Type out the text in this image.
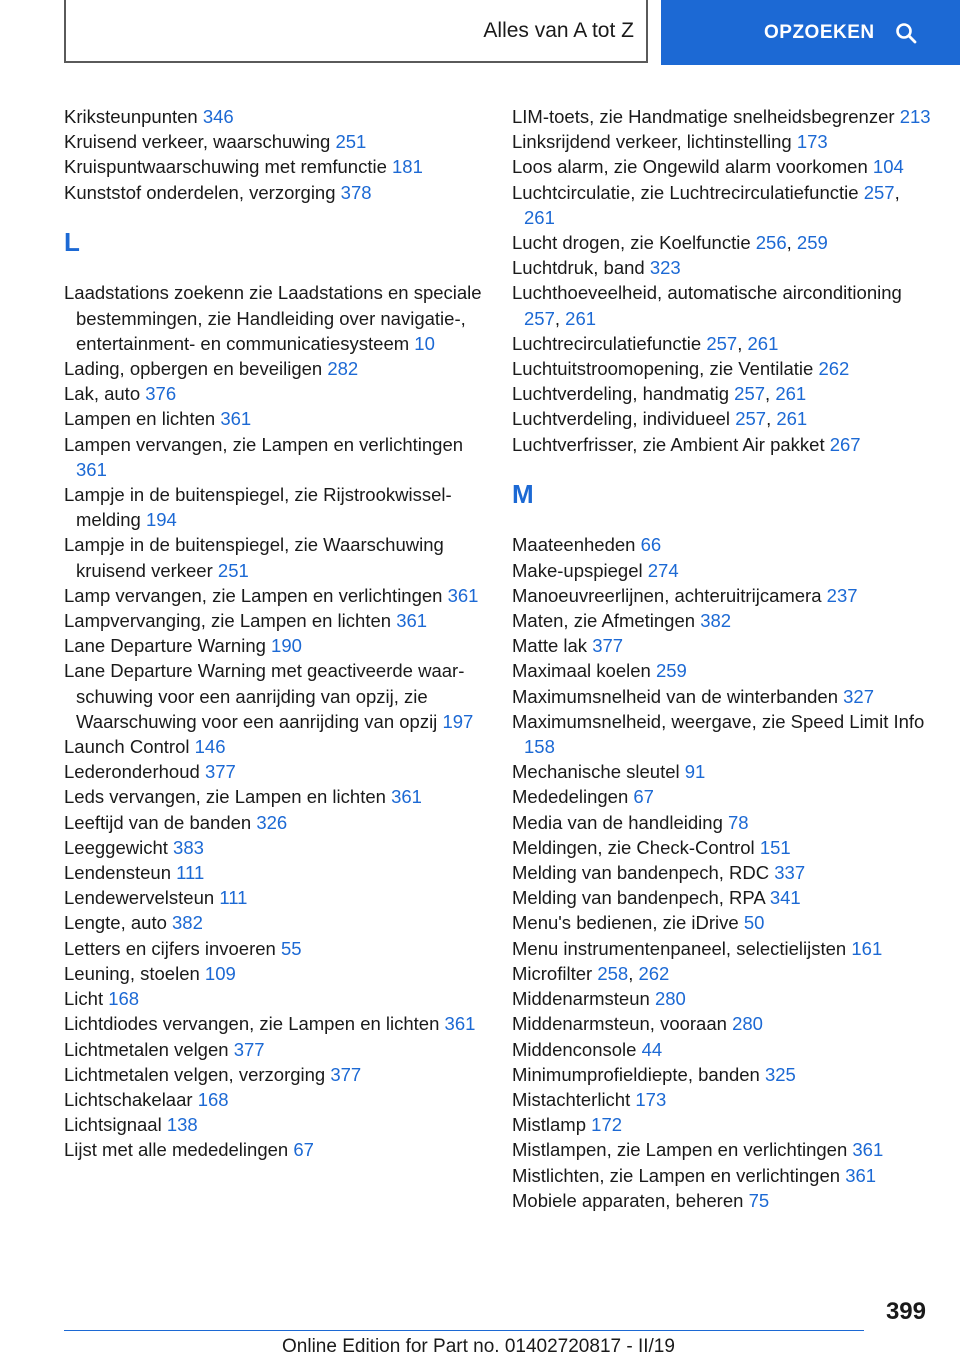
Alles van A tot Z	OPZOEKEN
Kriksteunpunten 346
Kruisend verkeer, waarschuwing 251
Kruispuntwaarschuwing met remfunctie 181
Kunststof onderdelen, verzorging 378
L
Laadstations zoekenn zie Laadstations en speciale bestemmingen, zie Handleiding over navigatie-, entertainment- en communicatiesysteem 10
Lading, opbergen en beveiligen 282
Lak, auto 376
Lampen en lichten 361
Lampen vervangen, zie Lampen en verlichtingen 361
Lampje in de buitenspiegel, zie Rijstrookwisselmelding 194
Lampje in de buitenspiegel, zie Waarschuwing kruisend verkeer 251
Lamp vervangen, zie Lampen en verlichtingen 361
Lampvervanging, zie Lampen en lichten 361
Lane Departure Warning 190
Lane Departure Warning met geactiveerde waarschuwing voor een aanrijding van opzij, zie Waarschuwing voor een aanrijding van opzij 197
Launch Control 146
Lederonderhoud 377
Leds vervangen, zie Lampen en lichten 361
Leeftijd van de banden 326
Leeggewicht 383
Lendensteun 111
Lendewervelsteun 111
Lengte, auto 382
Letters en cijfers invoeren 55
Leuning, stoelen 109
Licht 168
Lichtdiodes vervangen, zie Lampen en lichten 361
Lichtmetalen velgen 377
Lichtmetalen velgen, verzorging 377
Lichtschakelaar 168
Lichtsignaal 138
Lijst met alle mededelingen 67
LIM-toets, zie Handmatige snelheidsbegrenzer 213
Linksrijdend verkeer, lichtinstelling 173
Loos alarm, zie Ongewild alarm voorkomen 104
Luchtcirculatie, zie Luchtrecirculatiefunctie 257, 261
Lucht drogen, zie Koelfunctie 256, 259
Luchtdruk, band 323
Luchthoeveelheid, automatische airconditioning 257, 261
Luchtrecirculatiefunctie 257, 261
Luchtuitstroomopening, zie Ventilatie 262
Luchtverdeling, handmatig 257, 261
Luchtverdeling, individueel 257, 261
Luchtverfrisser, zie Ambient Air pakket 267
M
Maateenheden 66
Make-upspiegel 274
Manoeuvreerlijnen, achteruitrijcamera 237
Maten, zie Afmetingen 382
Matte lak 377
Maximaal koelen 259
Maximumsnelheid van de winterbanden 327
Maximumsnelheid, weergave, zie Speed Limit Info 158
Mechanische sleutel 91
Mededelingen 67
Media van de handleiding 78
Meldingen, zie Check-Control 151
Melding van bandenpech, RDC 337
Melding van bandenpech, RPA 341
Menu's bedienen, zie iDrive 50
Menu instrumentenpaneel, selectielijsten 161
Microfilter 258, 262
Middenarmsteun 280
Middenarmsteun, vooraan 280
Middenconsole 44
Minimumprofieldiepte, banden 325
Mistachterlicht 173
Mistlamp 172
Mistlampen, zie Lampen en verlichtingen 361
Mistlichten, zie Lampen en verlichtingen 361
Mobiele apparaten, beheren 75
399
Online Edition for Part no. 01402720817 - II/19
